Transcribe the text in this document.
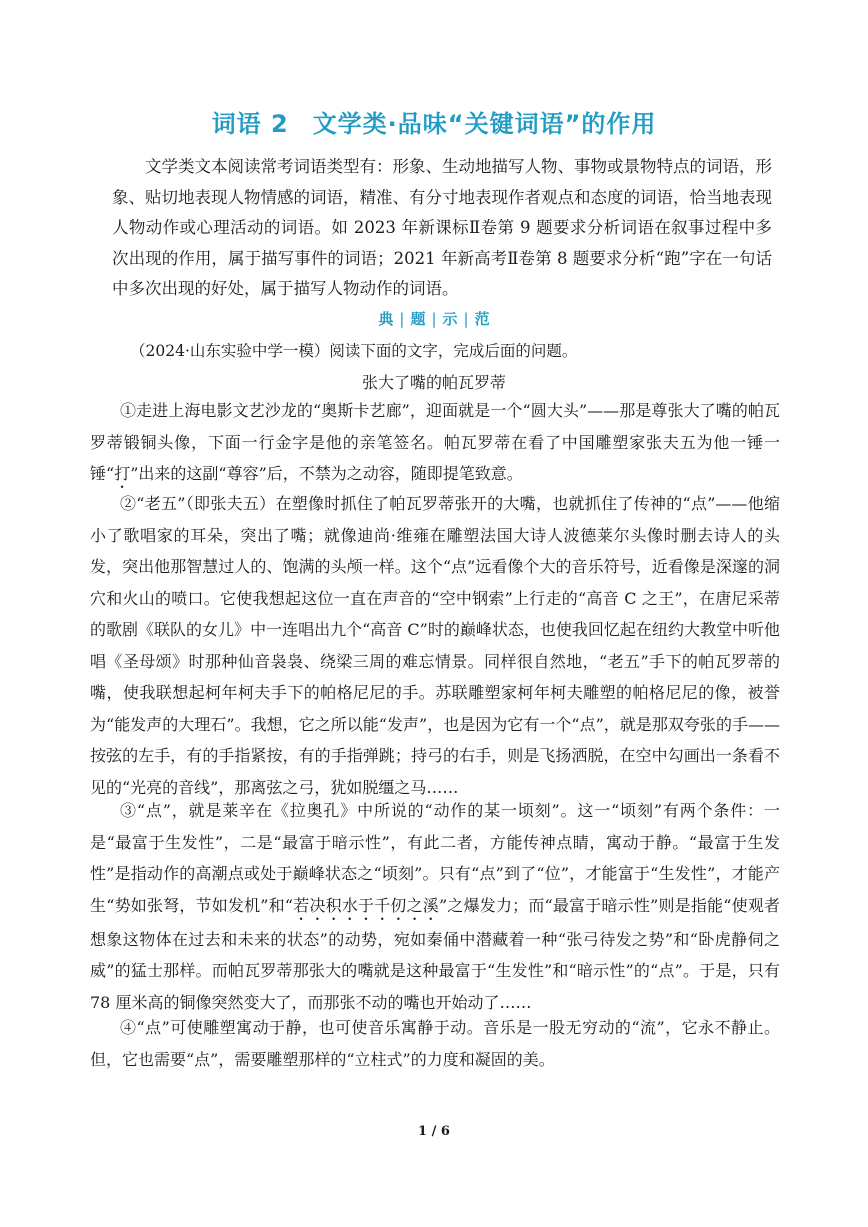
词语 2 文学类·品味“关键词语”的作用

文学类文本阅读常考词语类型有：形象、生动地描写人物、事物或景物特点的词语，形象、贴切地表现人物情感的词语，精准、有分寸地表现作者观点和态度的词语，恰当地表现人物动作或心理活动的词语。如 2023 年新课标Ⅱ卷第 9 题要求分析词语在叙事过程中多次出现的作用，属于描写事件的词语；2021 年新高考Ⅱ卷第 8 题要求分析“跑”字在一句话中多次出现的好处，属于描写人物动作的词语。

典 | 题 | 示 | 范

（2024·山东实验中学一模）阅读下面的文字，完成后面的问题。

张大了嘴的帕瓦罗蒂

①走进上海电影文艺沙龙的“奥斯卡艺廊”，迎面就是一个“圆大头”——那是尊张大了嘴的帕瓦罗蒂锻铜头像，下面一行金字是他的亲笔签名。帕瓦罗蒂在看了中国雕塑家张夫五为他一锤一锤“打”出来的这副“尊容”后，不禁为之动容，随即提笔致意。

②“老五”（即张夫五）在塑像时抓住了帕瓦罗蒂张开的大嘴，也就抓住了传神的“点”——他缩小了歌唱家的耳朵，突出了嘴；就像迪尚·维雍在雕塑法国大诗人波德莱尔头像时删去诗人的头发，突出他那智慧过人的、饱满的头颅一样。这个“点”远看像个大的音乐符号，近看像是深邃的洞穴和火山的喷口。它使我想起这位一直在声音的“空中钢索”上行走的“高音 C 之王”，在唐尼采蒂的歌剧《联队的女儿》中一连唱出九个“高音 C”时的巅峰状态，也使我回忆起在纽约大教堂中听他唱《圣母颂》时那种仙音袅袅、绕梁三周的难忘情景。同样很自然地，“老五”手下的帕瓦罗蒂的嘴，使我联想起柯年柯夫手下的帕格尼尼的手。苏联雕塑家柯年柯夫雕塑的帕格尼尼的像，被誉为“能发声的大理石”。我想，它之所以能“发声”，也是因为它有一个“点”，就是那双夸张的手——按弦的左手，有的手指紧按，有的手指弹跳；持弓的右手，则是飞扬洒脱，在空中勾画出一条看不见的“光亮的音线”，那离弦之弓，犹如脱缰之马……

③“点”，就是莱辛在《拉奥孔》中所说的“动作的某一顷刻”。这一“顷刻”有两个条件：一是“最富于生发性”，二是“最富于暗示性”，有此二者，方能传神点睛，寓动于静。“最富于生发性”是指动作的高潮点或处于巅峰状态之“顷刻”。只有“点”到了“位”，才能富于“生发性”，才能产生“势如张弩，节如发机”和“若决积水于千仞之溪”之爆发力；而“最富于暗示性”则是指能“使观者想象这物体在过去和未来的状态”的动势，宛如秦俑中潜藏着一种“张弓待发之势”和“卧虎静伺之威”的猛士那样。而帕瓦罗蒂那张大的嘴就是这种最富于“生发性”和“暗示性”的“点”。于是，只有 78 厘米高的铜像突然变大了，而那张不动的嘴也开始动了……

④“点”可使雕塑寓动于静，也可使音乐寓静于动。音乐是一股无穷动的“流”，它永不静止。但，它也需要“点”，需要雕塑那样的“立柱式”的力度和凝固的美。

1 / 6
